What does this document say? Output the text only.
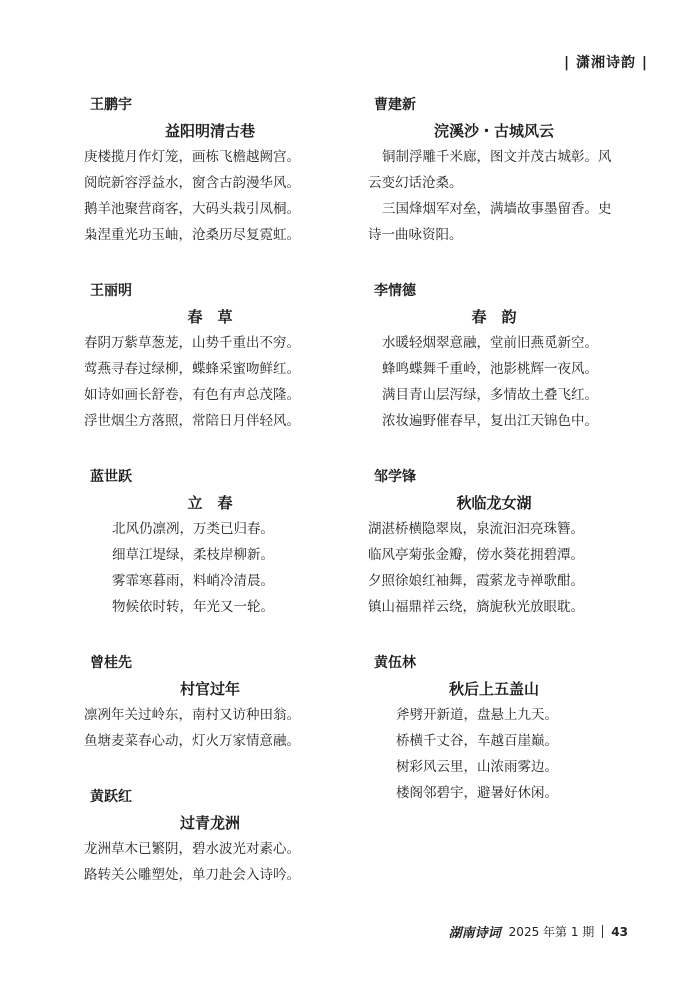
| 潇湘诗韵 |
王鹏宇
益阳明清古巷
庚楼揽月作灯笼，画栋飞檐越阙宫。
阅皖新容浮益水，窗含古韵漫华风。
鹅羊池聚营商客，大码头栽引凤桐。
枭涅重光功玉岫，沧桑历尽复霓虹。
王丽明
春　草
春阴万紫草葱茏，山势千重出不穷。
莺燕寻春过绿柳，蝶蜂采蜜吻鲜红。
如诗如画长舒卷，有色有声总茂隆。
浮世烟尘方落照，常陪日月伴轻风。
蓝世跃
立　春
北风仍凛冽，万类已归春。
细草江堤绿，柔枝岸柳新。
雾霏寒暮雨，料峭冷清晨。
物候依时转，年光又一轮。
曾桂先
村官过年
凛冽年关过岭东，南村又访种田翁。
鱼塘麦菜春心动，灯火万家情意融。
黄跃红
过青龙洲
龙洲草木已繁阴，碧水波光对素心。
路转关公雕塑处，单刀赴会入诗吟。
曹建新
浣溪沙・古城风云
铜制浮雕千米廊，图文并茂古城彰。风
云变幻话沧桑。
三国烽烟军对垒，满墙故事墨留香。史
诗一曲咏资阳。
李情德
春　韵
水暖轻烟翠意融，堂前旧燕觅新空。
蜂鸣蝶舞千重岭，池影桃辉一夜风。
满目青山层泻绿，多情故土叠飞红。
浓妆遍野催春早，复出江天锦色中。
邹学锋
秋临龙女湖
湖湛桥横隐翠岚，泉流汩汩亮珠簪。
临风亭菊张金瓣，傍水葵花拥碧潭。
夕照徐娘红袖舞，霞萦龙寺禅歌酣。
镇山福鼎祥云绕，旖旎秋光放眼耽。
黄伍林
秋后上五盖山
斧劈开新道，盘悬上九天。
桥横千丈谷，车越百崖巅。
树彩风云里，山浓雨雾边。
楼阁邻碧宇，避暑好休闲。
湖南诗词 2025 年第 1 期 43
